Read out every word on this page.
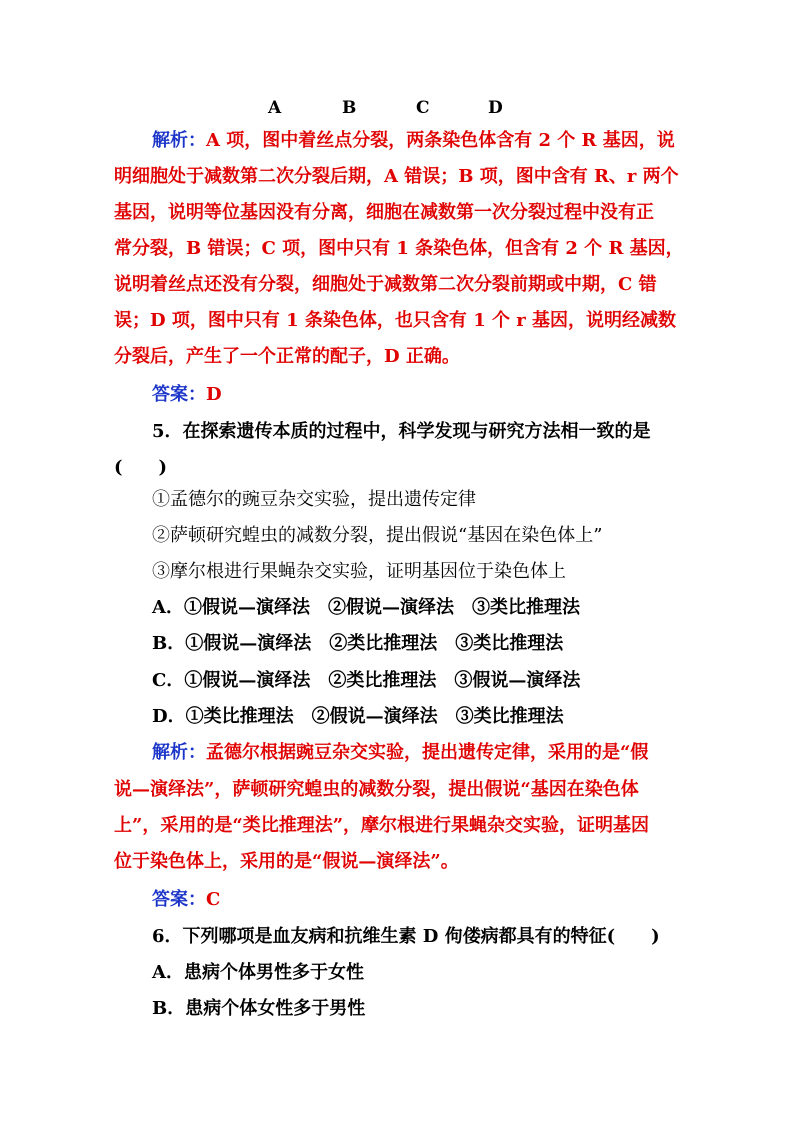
A	B	C	D
解析：A 项，图中着丝点分裂，两条染色体含有 2 个 R 基因，说
明细胞处于减数第二次分裂后期，A 错误；B 项，图中含有 R、r 两个
基因，说明等位基因没有分离，细胞在减数第一次分裂过程中没有正
常分裂，B 错误；C 项，图中只有 1 条染色体，但含有 2 个 R 基因，
说明着丝点还没有分裂，细胞处于减数第二次分裂前期或中期，C 错
误；D 项，图中只有 1 条染色体，也只含有 1 个 r 基因，说明经减数
分裂后，产生了一个正常的配子，D 正确。
答案：D
5．在探索遗传本质的过程中，科学发现与研究方法相一致的是
(　　)
①孟德尔的豌豆杂交实验，提出遗传定律
②萨顿研究蝗虫的减数分裂，提出假说“基因在染色体上”
③摩尔根进行果蝇杂交实验，证明基因位于染色体上
A．①假说—演绎法　②假说—演绎法　③类比推理法
B．①假说—演绎法　②类比推理法　③类比推理法
C．①假说—演绎法　②类比推理法　③假说—演绎法
D．①类比推理法　②假说—演绎法　③类比推理法
解析：孟德尔根据豌豆杂交实验，提出遗传定律，采用的是“假
说—演绎法”，萨顿研究蝗虫的减数分裂，提出假说“基因在染色体
上”，采用的是“类比推理法”，摩尔根进行果蝇杂交实验，证明基因
位于染色体上，采用的是“假说—演绎法”。
答案：C
6．下列哪项是血友病和抗维生素 D 佝偻病都具有的特征(　　)
A．患病个体男性多于女性
B．患病个体女性多于男性
